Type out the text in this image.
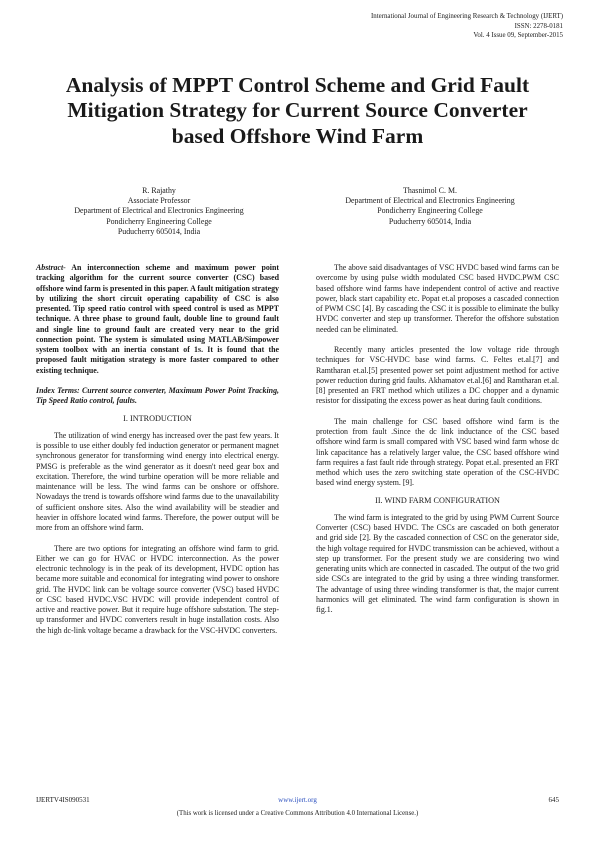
International Journal of Engineering Research & Technology (IJERT)
ISSN: 2278-0181
Vol. 4 Issue 09, September-2015
Analysis of MPPT Control Scheme and Grid Fault Mitigation Strategy for Current Source Converter based Offshore Wind Farm
R. Rajathy
Associate Professor
Department of Electrical and Electronics Engineering
Pondicherry Engineering College
Puducherry 605014, India
Thasnimol C. M.
Department of Electrical and Electronics Engineering
Pondicherry Engineering College
Puducherry 605014, India

Abstract- An interconnection scheme and maximum power point tracking algorithm for the current source converter (CSC) based offshore wind farm is presented in this paper. A fault mitigation strategy by utilizing the short circuit operating capability of CSC is also presented. Tip speed ratio control with speed control is used as MPPT technique. A three phase to ground fault, double line to ground fault and single line to ground fault are created very near to the grid connection point. The system is simulated using MATLAB/Simpower system toolbox with an inertia constant of 1s. It is found that the proposed fault mitigation strategy is more faster compared to other existing technique.

Index Terms: Current source converter, Maximum Power Point Tracking, Tip Speed Ratio control, faults.

I. INTRODUCTION

The utilization of wind energy has increased over the past few years. It is possible to use either doubly fed induction generator or permanent magnet synchronous generator for transforming wind energy into electrical energy. PMSG is preferable as the wind generator as it doesn't need gear box and excitation. Therefore, the wind turbine operation will be more reliable and maintenance will be less. The wind farms can be onshore or offshore. Nowadays the trend is towards offshore wind farms due to the unavailability of sufficient onshore sites. Also the wind availability will be steadier and heavier in offshore located wind farms. Therefore, the power output will be more from an offshore wind farm.

There are two options for integrating an offshore wind farm to grid. Either we can go for HVAC or HVDC interconnection. As the power electronic technology is in the peak of its development, HVDC option has became more suitable and economical for integrating wind power to onshore grid. The HVDC link can be voltage source converter (VSC) based HVDC or CSC based HVDC.VSC HVDC will provide independent control of active and reactive power. But it require huge offshore substation. The step-up transformer and HVDC converters result in huge installation costs. Also the high dc-link voltage became a drawback for the VSC-HVDC converters.

The above said disadvantages of VSC HVDC based wind farms can be overcome by using pulse width modulated CSC based HVDC.PWM CSC based offshore wind farms have independent control of active and reactive power, black start capability etc. Popat et.al proposes a cascaded connection of PWM CSC [4]. By cascading the CSC it is possible to eliminate the bulky HVDC converter and step up transformer. Therefor the offshore substation needed can be eliminated.

Recently many articles presented the low voltage ride through techniques for VSC-HVDC base wind farms. C. Feltes et.al.[7] and Ramtharan et.al.[5] presented power set point adjustment method for active power reduction during grid faults. Akhamatov et.al.[6] and Ramtharan et.al.[8] presented an FRT method which utilizes a DC chopper and a dynamic resistor for dissipating the excess power as heat during fault conditions.

The main challenge for CSC based offshore wind farm is the protection from fault .Since the dc link inductance of the CSC based offshore wind farm is small compared with VSC based wind farm whose dc link capacitance has a relatively larger value, the CSC based offshore wind farm requires a fast fault ride through strategy. Popat et.al. presented an FRT method which uses the zero switching state operation of the CSC-HVDC based wind energy system. [9].

II. WIND FARM CONFIGURATION

The wind farm is integrated to the grid by using PWM Current Source Converter (CSC) based HVDC. The CSCs are cascaded on both generator and grid side [2]. By the cascaded connection of CSC on the generator side, the high voltage required for HVDC transmission can be achieved, without a step up transformer. For the present study we are considering two wind generating units which are connected in cascaded. The output of the two grid side CSCs are integrated to the grid by using a three winding transformer. The advantage of using three winding transformer is that, the major current harmonics will get eliminated. The wind farm configuration is shown in fig.1.

IJERTV4IS090531	www.ijert.org	645
(This work is licensed under a Creative Commons Attribution 4.0 International License.)
